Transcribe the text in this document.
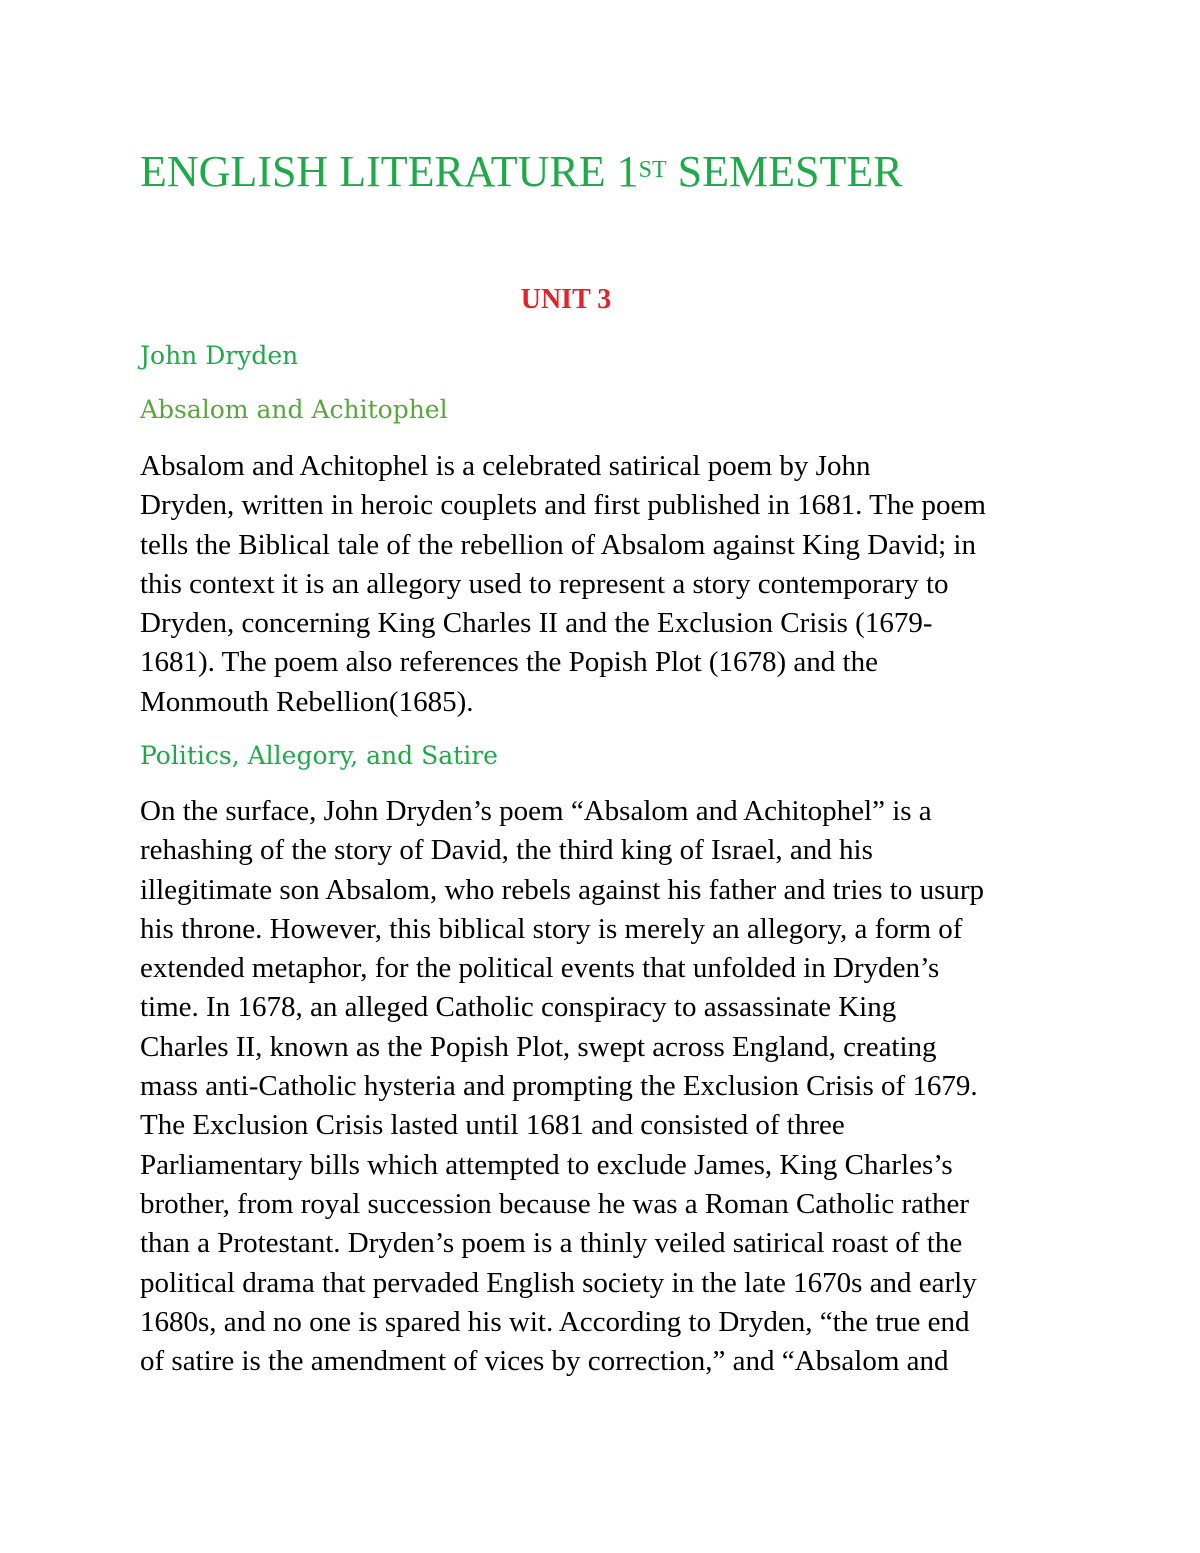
ENGLISH LITERATURE 1ST SEMESTER
UNIT 3
John Dryden
Absalom and Achitophel

Absalom and Achitophel is a celebrated satirical poem by John
Dryden, written in heroic couplets and first published in 1681. The poem
tells the Biblical tale of the rebellion of Absalom against King David; in
this context it is an allegory used to represent a story contemporary to
Dryden, concerning King Charles II and the Exclusion Crisis (1679-
1681). The poem also references the Popish Plot (1678) and the
Monmouth Rebellion(1685).

Politics, Allegory, and Satire

On the surface, John Dryden’s poem “Absalom and Achitophel” is a
rehashing of the story of David, the third king of Israel, and his
illegitimate son Absalom, who rebels against his father and tries to usurp
his throne. However, this biblical story is merely an allegory, a form of
extended metaphor, for the political events that unfolded in Dryden’s
time. In 1678, an alleged Catholic conspiracy to assassinate King
Charles II, known as the Popish Plot, swept across England, creating
mass anti-Catholic hysteria and prompting the Exclusion Crisis of 1679.
The Exclusion Crisis lasted until 1681 and consisted of three
Parliamentary bills which attempted to exclude James, King Charles’s
brother, from royal succession because he was a Roman Catholic rather
than a Protestant. Dryden’s poem is a thinly veiled satirical roast of the
political drama that pervaded English society in the late 1670s and early
1680s, and no one is spared his wit. According to Dryden, “the true end
of satire is the amendment of vices by correction,” and “Absalom and
